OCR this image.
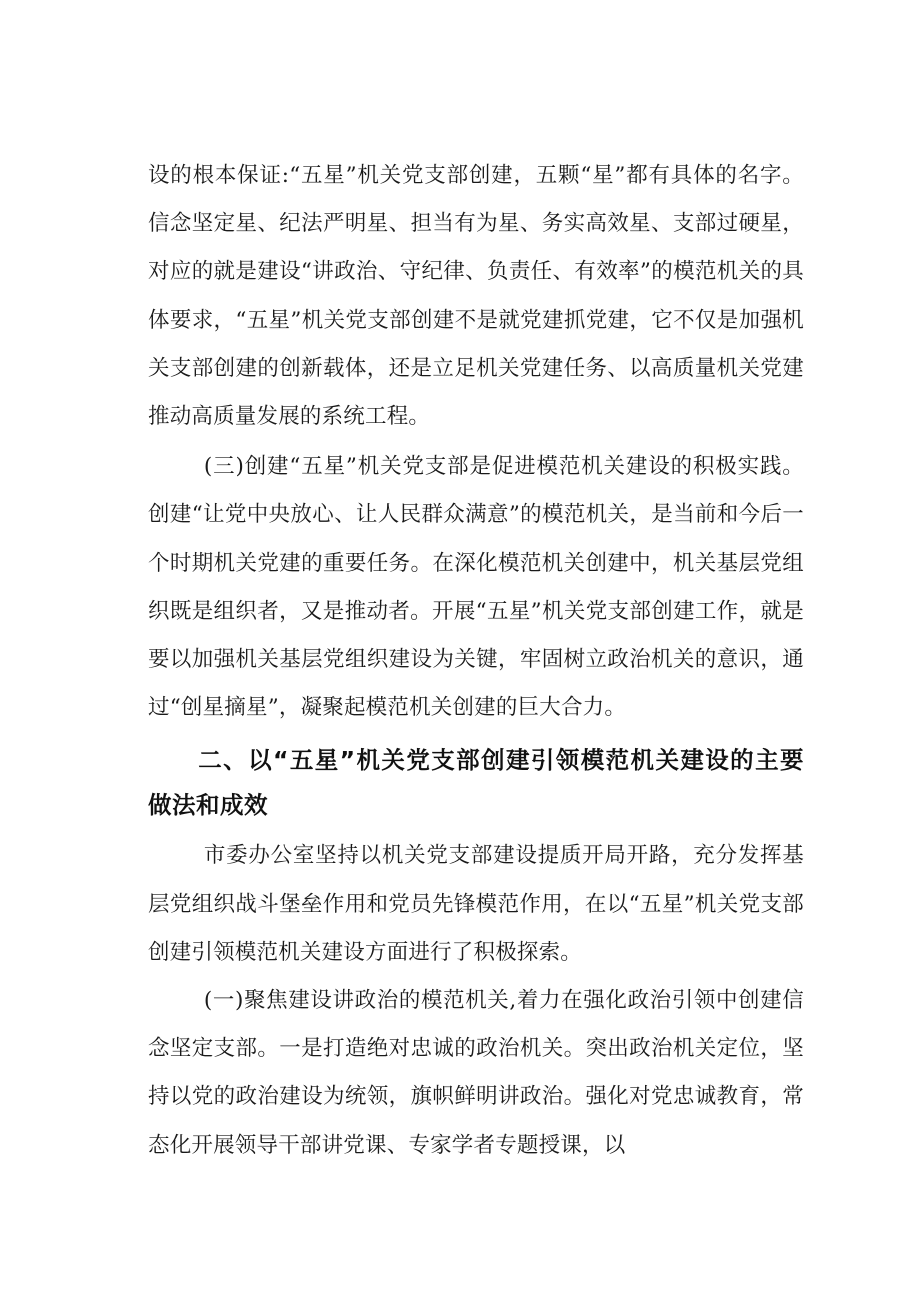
设的根本保证:“五星”机关党支部创建，五颗“星”都有具体的名字。信念坚定星、纪法严明星、担当有为星、务实高效星、支部过硬星，对应的就是建设“讲政治、守纪律、负责任、有效率”的模范机关的具体要求，“五星”机关党支部创建不是就党建抓党建，它不仅是加强机关支部创建的创新载体，还是立足机关党建任务、以高质量机关党建推动高质量发展的系统工程。

(三)创建“五星”机关党支部是促进模范机关建设的积极实践。创建“让党中央放心、让人民群众满意”的模范机关，是当前和今后一个时期机关党建的重要任务。在深化模范机关创建中，机关基层党组织既是组织者，又是推动者。开展“五星”机关党支部创建工作，就是要以加强机关基层党组织建设为关键，牢固树立政治机关的意识，通过“创星摘星”，凝聚起模范机关创建的巨大合力。

二、以“五星”机关党支部创建引领模范机关建设的主要做法和成效

市委办公室坚持以机关党支部建设提质开局开路，充分发挥基层党组织战斗堡垒作用和党员先锋模范作用，在以“五星”机关党支部创建引领模范机关建设方面进行了积极探索。

(一)聚焦建设讲政治的模范机关,着力在强化政治引领中创建信念坚定支部。一是打造绝对忠诚的政治机关。突出政治机关定位，坚持以党的政治建设为统领，旗帜鲜明讲政治。强化对党忠诚教育，常态化开展领导干部讲党课、专家学者专题授课，以
